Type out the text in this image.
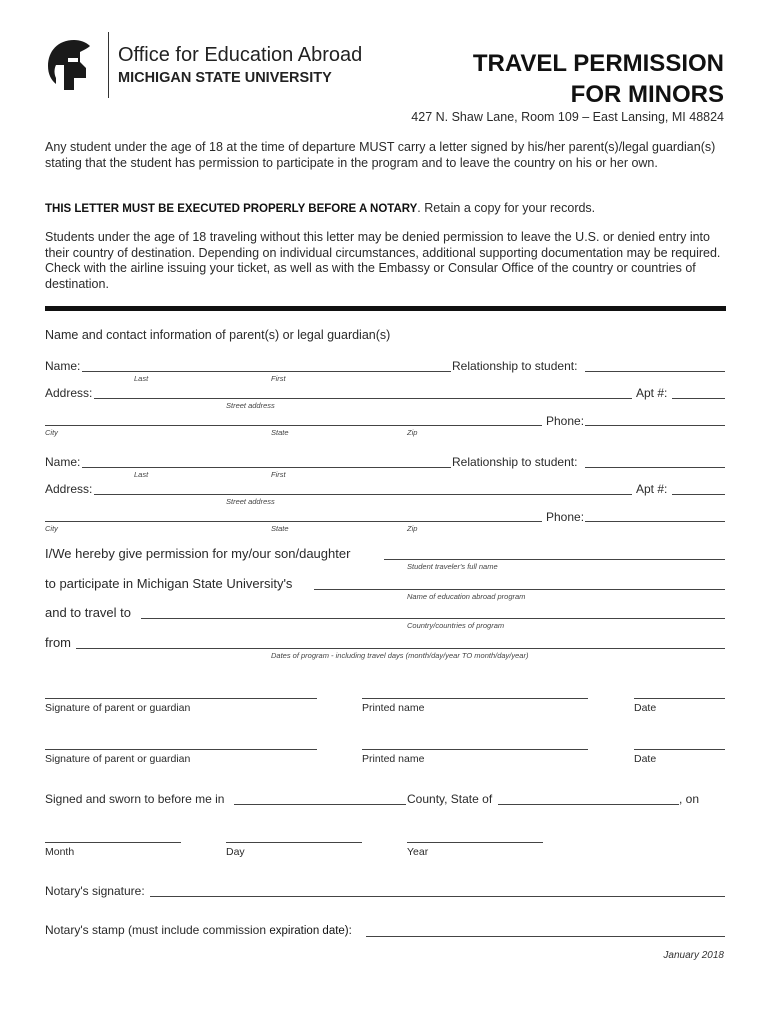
Office for Education Abroad
MICHIGAN STATE UNIVERSITY
TRAVEL PERMISSION
FOR MINORS
427 N. Shaw Lane, Room 109 – East Lansing, MI 48824
Any student under the age of 18 at the time of departure MUST carry a letter signed by his/her parent(s)/legal guardian(s) stating that the student has permission to participate in the program and to leave the country on his or her own.
THIS LETTER MUST BE EXECUTED PROPERLY BEFORE A NOTARY. Retain a copy for your records.
Students under the age of 18 traveling without this letter may be denied permission to leave the U.S. or denied entry into their country of destination. Depending on individual circumstances, additional supporting documentation may be required. Check with the airline issuing your ticket, as well as with the Embassy or Consular Office of the country or countries of destination.
Name and contact information of parent(s) or legal guardian(s)
Name:	Relationship to student:
Last	First
Address:	Apt #:
Street address
Phone:
City	State	Zip
Name:	Relationship to student:
Last	First
Address:	Apt #:
Street address
Phone:
City	State	Zip
I/We hereby give permission for my/our son/daughter
Student traveler's full name
to participate in Michigan State University's
Name of education abroad program
and to travel to
Country/countries of program
from
Dates of program - including travel days (month/day/year TO month/day/year)
Signature of parent or guardian	Printed name	Date
Signature of parent or guardian	Printed name	Date
Signed and sworn to before me in	County, State of	, on
Month	Day	Year
Notary's signature:
Notary's stamp (must include commission expiration date):
January 2018
